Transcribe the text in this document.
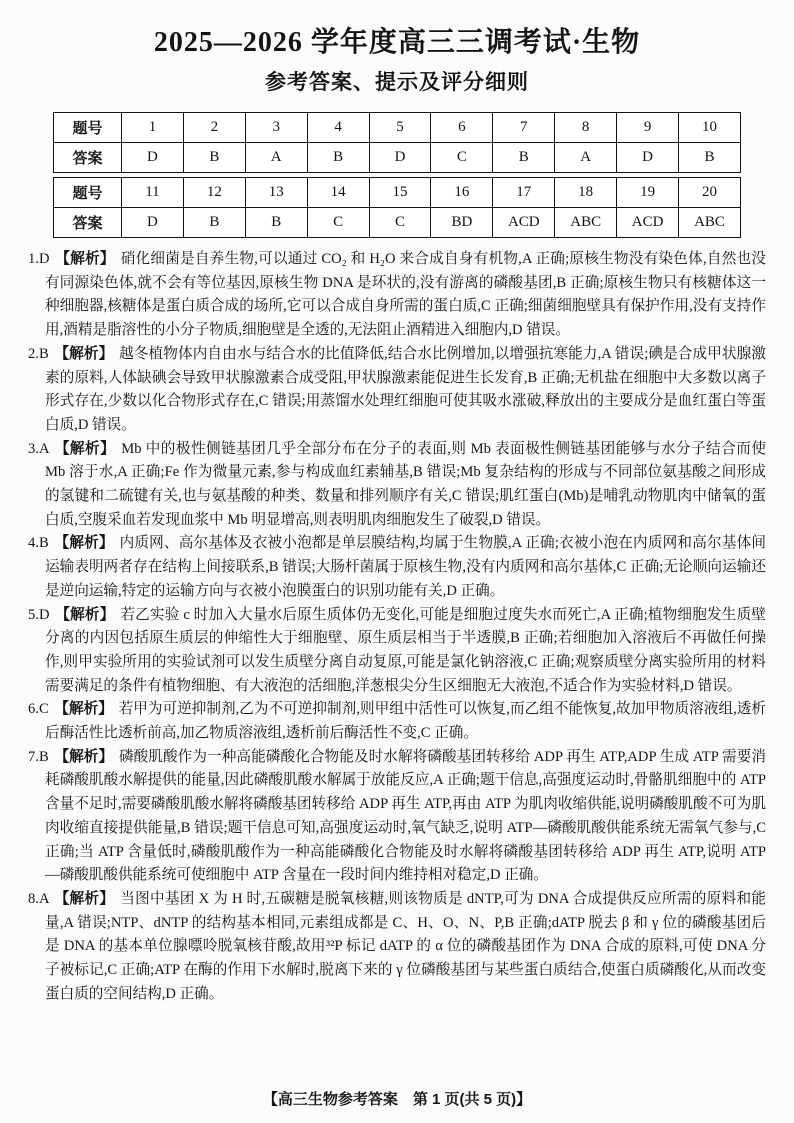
2025—2026 学年度高三三调考试·生物
参考答案、提示及评分细则
题号	1	2	3	4	5	6	7	8	9	10
答案	D	B	A	B	D	C	B	A	D	B
题号	11	12	13	14	15	16	17	18	19	20
答案	D	B	B	C	C	BD	ACD	ABC	ACD	ABC

1.D 【解析】 硝化细菌是自养生物,可以通过 CO₂ 和 H₂O 来合成自身有机物,A 正确;原核生物没有染色体,自然也没有同源染色体,就不会有等位基因,原核生物 DNA 是环状的,没有游离的磷酸基团,B 正确;原核生物只有核糖体这一种细胞器,核糖体是蛋白质合成的场所,它可以合成自身所需的蛋白质,C 正确;细菌细胞壁具有保护作用,没有支持作用,酒精是脂溶性的小分子物质,细胞壁是全透的,无法阻止酒精进入细胞内,D 错误。

2.B 【解析】 越冬植物体内自由水与结合水的比值降低,结合水比例增加,以增强抗寒能力,A 错误;碘是合成甲状腺激素的原料,人体缺碘会导致甲状腺激素合成受阻,甲状腺激素能促进生长发育,B 正确;无机盐在细胞中大多数以离子形式存在,少数以化合物形式存在,C 错误;用蒸馏水处理红细胞可使其吸水涨破,释放出的主要成分是血红蛋白等蛋白质,D 错误。

3.A 【解析】 Mb 中的极性侧链基团几乎全部分布在分子的表面,则 Mb 表面极性侧链基团能够与水分子结合而使 Mb 溶于水,A 正确;Fe 作为微量元素,参与构成血红素辅基,B 错误;Mb 复杂结构的形成与不同部位氨基酸之间形成的氢键和二硫键有关,也与氨基酸的种类、数量和排列顺序有关,C 错误;肌红蛋白(Mb)是哺乳动物肌肉中储氧的蛋白质,空腹采血若发现血浆中 Mb 明显增高,则表明肌肉细胞发生了破裂,D 错误。

4.B 【解析】 内质网、高尔基体及衣被小泡都是单层膜结构,均属于生物膜,A 正确;衣被小泡在内质网和高尔基体间运输表明两者存在结构上间接联系,B 错误;大肠杆菌属于原核生物,没有内质网和高尔基体,C 正确;无论顺向运输还是逆向运输,特定的运输方向与衣被小泡膜蛋白的识别功能有关,D 正确。

5.D 【解析】 若乙实验 c 时加入大量水后原生质体仍无变化,可能是细胞过度失水而死亡,A 正确;植物细胞发生质壁分离的内因包括原生质层的伸缩性大于细胞壁、原生质层相当于半透膜,B 正确;若细胞加入溶液后不再做任何操作,则甲实验所用的实验试剂可以发生质壁分离自动复原,可能是氯化钠溶液,C 正确;观察质壁分离实验所用的材料需要满足的条件有植物细胞、有大液泡的活细胞,洋葱根尖分生区细胞无大液泡,不适合作为实验材料,D 错误。

6.C 【解析】 若甲为可逆抑制剂,乙为不可逆抑制剂,则甲组中活性可以恢复,而乙组不能恢复,故加甲物质溶液组,透析后酶活性比透析前高,加乙物质溶液组,透析前后酶活性不变,C 正确。

7.B 【解析】 磷酸肌酸作为一种高能磷酸化合物能及时水解将磷酸基团转移给 ADP 再生 ATP,ADP 生成 ATP 需要消耗磷酸肌酸水解提供的能量,因此磷酸肌酸水解属于放能反应,A 正确;题干信息,高强度运动时,骨骼肌细胞中的 ATP 含量不足时,需要磷酸肌酸水解将磷酸基团转移给 ADP 再生 ATP,再由 ATP 为肌肉收缩供能,说明磷酸肌酸不可为肌肉收缩直接提供能量,B 错误;题干信息可知,高强度运动时,氧气缺乏,说明 ATP—磷酸肌酸供能系统无需氧气参与,C 正确;当 ATP 含量低时,磷酸肌酸作为一种高能磷酸化合物能及时水解将磷酸基团转移给 ADP 再生 ATP,说明 ATP—磷酸肌酸供能系统可使细胞中 ATP 含量在一段时间内维持相对稳定,D 正确。

8.A 【解析】 当图中基团 X 为 H 时,五碳糖是脱氧核糖,则该物质是 dNTP,可为 DNA 合成提供反应所需的原料和能量,A 错误;NTP、dNTP 的结构基本相同,元素组成都是 C、H、O、N、P,B 正确;dATP 脱去 β 和 γ 位的磷酸基团后是 DNA 的基本单位腺嘌呤脱氧核苷酸,故用³²P 标记 dATP 的 α 位的磷酸基团作为 DNA 合成的原料,可使 DNA 分子被标记,C 正确;ATP 在酶的作用下水解时,脱离下来的 γ 位磷酸基团与某些蛋白质结合,使蛋白质磷酸化,从而改变蛋白质的空间结构,D 正确。

【高三生物参考答案　第 1 页(共 5 页)】
